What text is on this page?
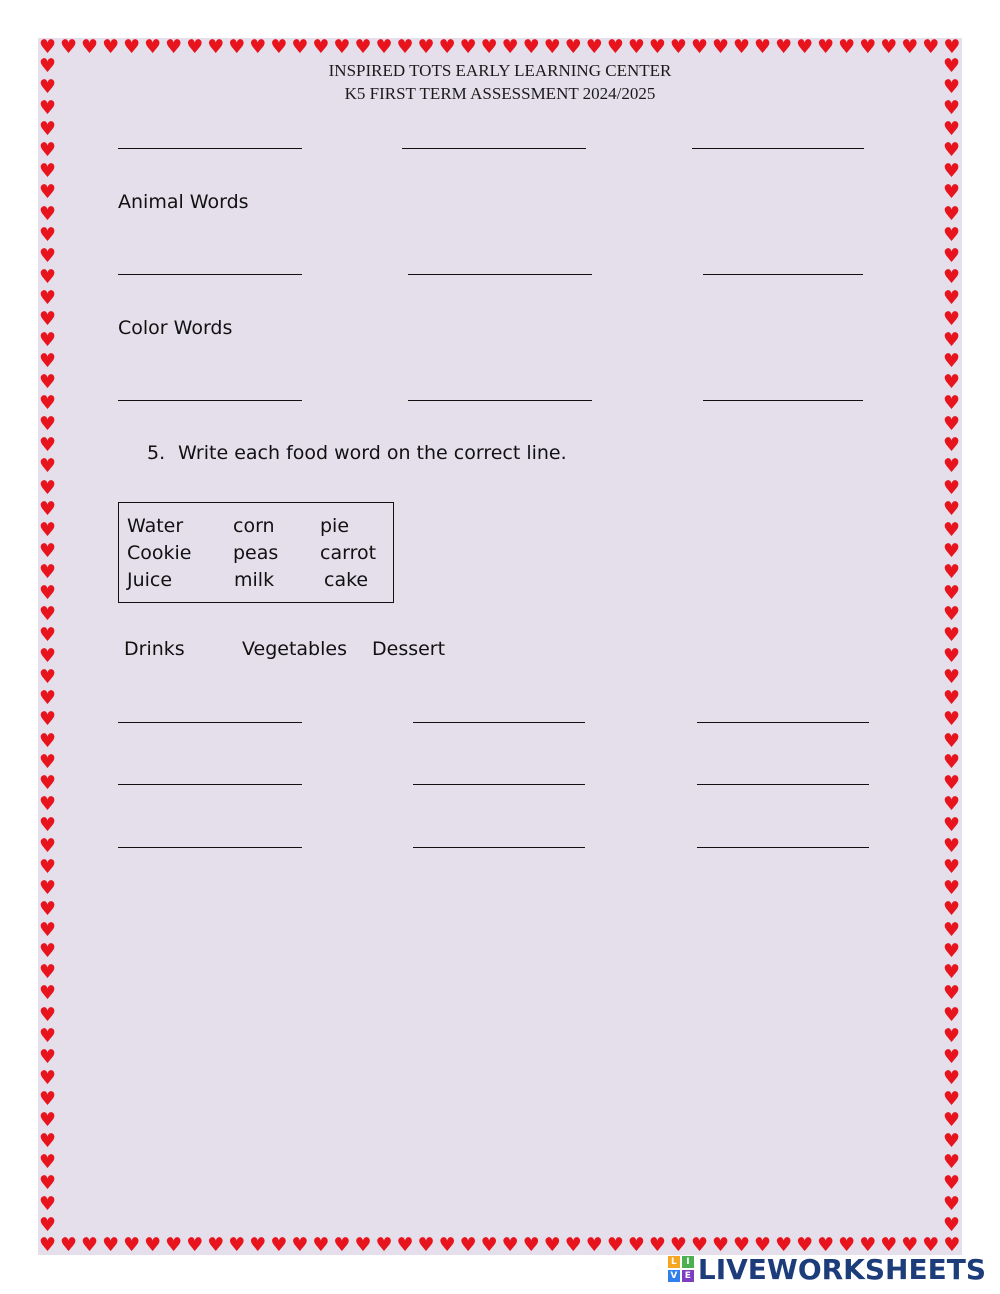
♥ ♥ ♥ ♥ ♥ ♥ ♥ ♥ ♥ ♥ ♥ ♥ ♥ ♥ ♥ ♥ ♥ ♥ ♥ ♥ ♥ ♥ ♥ ♥ ♥ ♥ ♥ ♥ ♥ ♥ ♥ ♥ ♥ ♥ ♥ ♥ ♥ ♥ ♥ ♥ ♥ ♥ ♥ ♥
♥ ♥ ♥ ♥ ♥ ♥ ♥ ♥ ♥ ♥ ♥ ♥ ♥ ♥ ♥ ♥ ♥ ♥ ♥ ♥ ♥ ♥ ♥ ♥ ♥ ♥ ♥ ♥ ♥ ♥ ♥ ♥ ♥ ♥ ♥ ♥ ♥ ♥ ♥ ♥ ♥ ♥ ♥ ♥
♥
♥
♥
♥
♥
♥
♥
♥
♥
♥
♥
♥
♥
♥
♥
♥
♥
♥
♥
♥
♥
♥
♥
♥
♥
♥
♥
♥
♥
♥
♥
♥
♥
♥
♥
♥
♥
♥
♥
♥
♥
♥
♥
♥
♥
♥
♥
♥
♥
♥
♥
♥
♥
♥
♥
♥
♥
♥
♥
♥
♥
♥
♥
♥
♥
♥
♥
♥
♥
♥
♥
♥
♥
♥
♥
♥
♥
♥
♥
♥
♥
♥
♥
♥
♥
♥
♥
♥
♥
♥
♥
♥
♥
♥
♥
♥
♥
♥
♥
♥
♥
♥
♥
♥
♥
♥
♥
♥
♥
♥
♥
♥
INSPIRED TOTS EARLY LEARNING CENTER
K5 FIRST TERM ASSESSMENT 2024/2025
Animal Words
Color Words
5. Write each food word on the correct line.
Water	corn pie
Cookie peas carrot
Juice	milk	cake
Drinks	Vegetables Dessert
L	I
V E LIVEWORKSHEETS
